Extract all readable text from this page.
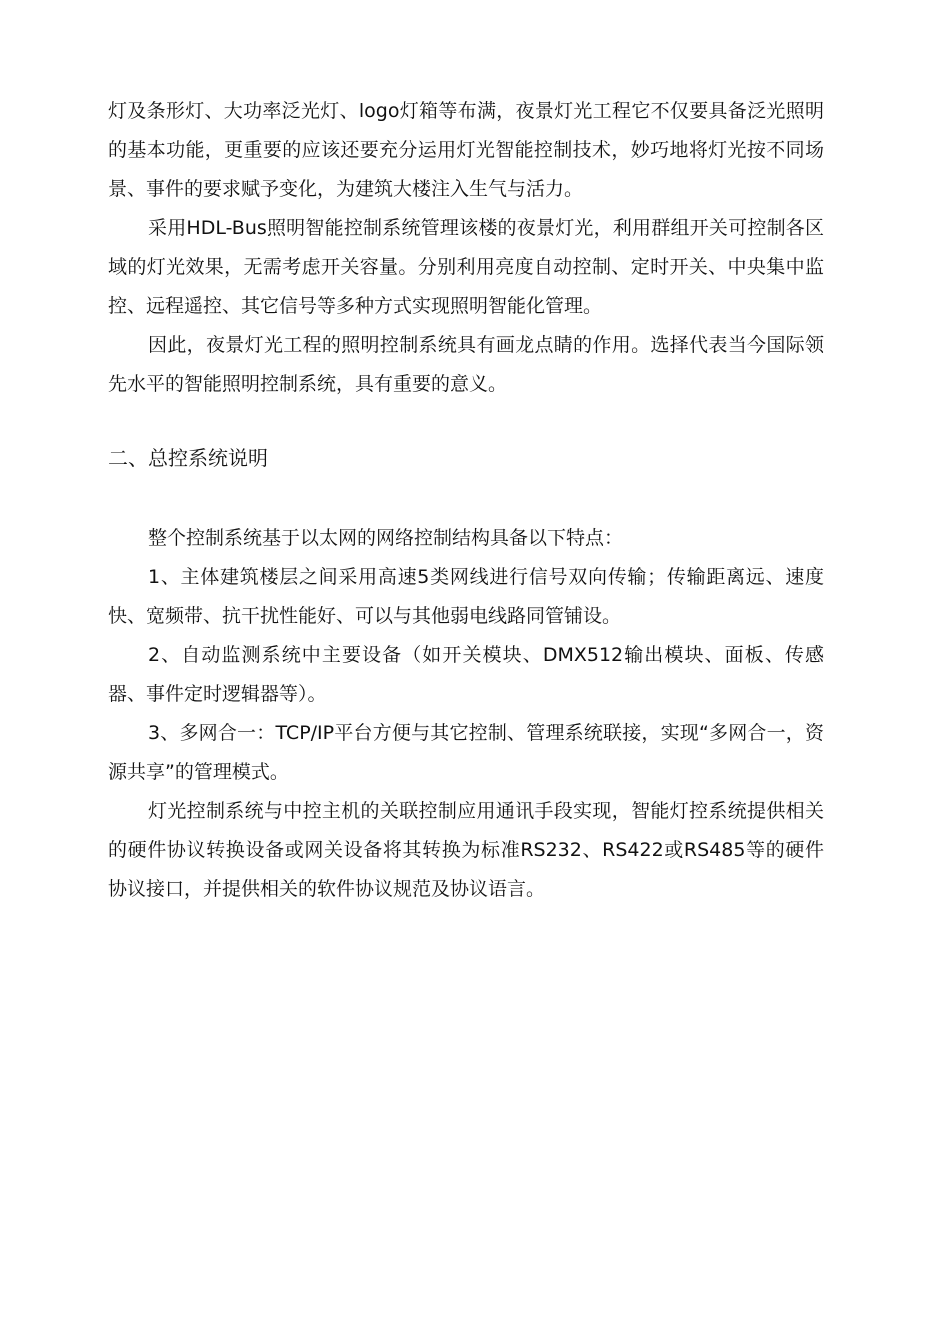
灯及条形灯、大功率泛光灯、logo灯箱等布满，夜景灯光工程它不仅要具备泛光照明的基本功能，更重要的应该还要充分运用灯光智能控制技术，妙巧地将灯光按不同场景、事件的要求赋予变化，为建筑大楼注入生气与活力。

采用HDL-Bus照明智能控制系统管理该楼的夜景灯光，利用群组开关可控制各区域的灯光效果，无需考虑开关容量。分别利用亮度自动控制、定时开关、中央集中监控、远程遥控、其它信号等多种方式实现照明智能化管理。

因此，夜景灯光工程的照明控制系统具有画龙点睛的作用。选择代表当今国际领先水平的智能照明控制系统，具有重要的意义。

二、总控系统说明

整个控制系统基于以太网的网络控制结构具备以下特点：

1、主体建筑楼层之间采用高速5类网线进行信号双向传输；传输距离远、速度快、宽频带、抗干扰性能好、可以与其他弱电线路同管铺设。

2、自动监测系统中主要设备（如开关模块、DMX512输出模块、面板、传感器、事件定时逻辑器等）。

3、多网合一：TCP/IP平台方便与其它控制、管理系统联接，实现“多网合一，资源共享”的管理模式。

灯光控制系统与中控主机的关联控制应用通讯手段实现，智能灯控系统提供相关的硬件协议转换设备或网关设备将其转换为标准RS232、RS422或RS485等的硬件协议接口，并提供相关的软件协议规范及协议语言。
